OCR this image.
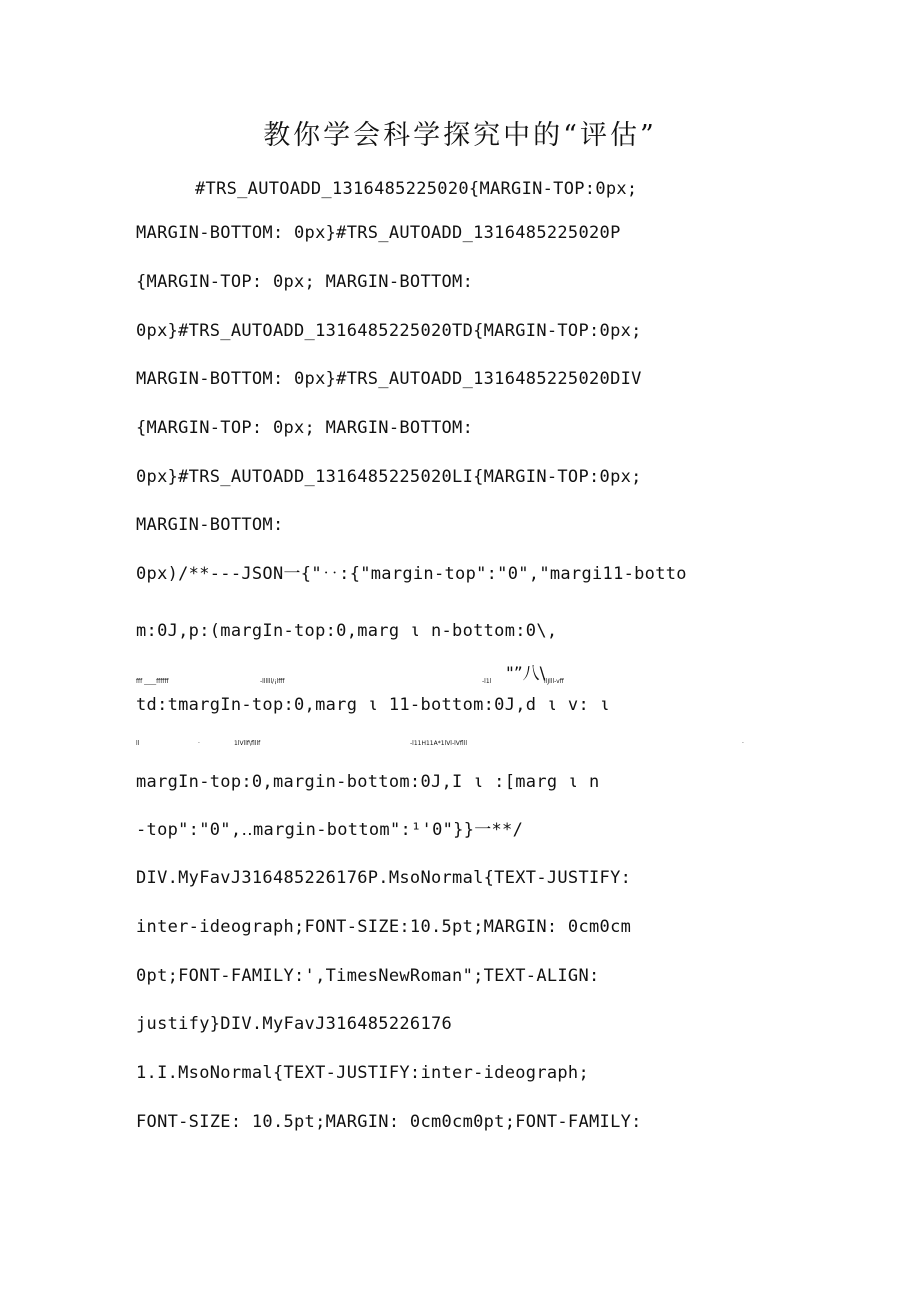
教你学会科学探究中的“评估”
#TRS_AUTOADD_1316485225020{MARGIN-TOP:0px;
MARGIN-BOTTOM: 0px}#TRS_AUTOADD_1316485225020P
{MARGIN-TOP: 0px; MARGIN-BOTTOM:
0px}#TRS_AUTOADD_1316485225020TD{MARGIN-TOP:0px;
MARGIN-BOTTOM: 0px}#TRS_AUTOADD_1316485225020DIV
{MARGIN-TOP: 0px; MARGIN-BOTTOM:
0px}#TRS_AUTOADD_1316485225020LI{MARGIN-TOP:0px;
MARGIN-BOTTOM:
0px)/**---JSON一{"‥:{"margin-top":"0","margi11-botto
m:0J,p:(margIn-top:0,marg ι n-bottom:0\,
fff ____ffffff	-llllll/¡lfff	-l1l "”八\
llJlll-vff
td:tmargIn-top:0,marg ι 11-bottom:0J,d ι v: ι
ll	·	1lVllf\flllf	-l11H11A*1lVl-lVflll	·
margIn-top:0,margin-bottom:0J,I ι :[marg ι n
-top":"0",‥margin-bottom":¹'0"}}一**/
DIV.MyFavJ316485226176P.MsoNormal{TEXT-JUSTIFY:
inter-ideograph;FONT-SIZE:10.5pt;MARGIN: 0cm0cm
0pt;FONT-FAMILY:'‚TimesNewRoman";TEXT-ALIGN:
justify}DIV.MyFavJ316485226176
1.I.MsoNormal{TEXT-JUSTIFY:inter-ideograph;
FONT-SIZE: 10.5pt;MARGIN: 0cm0cm0pt;FONT-FAMILY:
